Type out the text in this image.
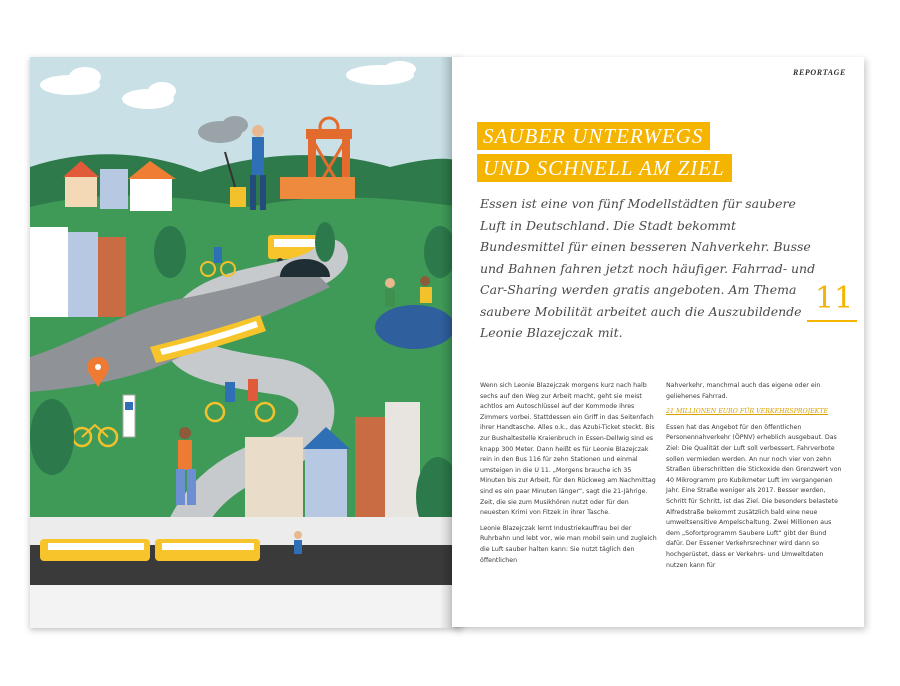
REPORTAGE
SAUBER UNTERWEGS
UND SCHNELL AM ZIEL
Essen ist eine von fünf Modellstädten für saubere Luft in Deutschland. Die Stadt bekommt Bundesmittel für einen besseren Nahverkehr. Busse und Bahnen fahren jetzt noch häufiger. Fahrrad- und Car-Sharing werden gratis angeboten. Am Thema saubere Mobilität arbeitet auch die Auszubildende Leonie Blazejczak mit.
11

Wenn sich Leonie Blazejczak morgens kurz nach halb sechs auf den Weg zur Arbeit macht, geht sie meist achtlos am Autoschlüssel auf der Kommode ihres Zimmers vorbei. Stattdessen ein Griff in das Seitenfach ihrer Handtasche. Alles o.k., das Azubi-Ticket steckt. Bis zur Bushaltestelle Kraienbruch in Essen-Dellwig sind es knapp 300 Meter. Dann heißt es für Leonie Blazejczak rein in den Bus 116 für zehn Stationen und einmal umsteigen in die U 11. „Morgens brauche ich 35 Minuten bis zur Arbeit, für den Rückweg am Nachmittag sind es ein paar Minuten länger“, sagt die 21-Jährige. Zeit, die sie zum Musikhören nutzt oder für den neuesten Krimi von Fitzek in ihrer Tasche.

Leonie Blazejczak lernt Industriekauffrau bei der Ruhrbahn und lebt vor, wie man mobil sein und zugleich die Luft sauber halten kann: Sie nutzt täglich den öffentlichen

Nahverkehr, manchmal auch das eigene oder ein geliehenes Fahrrad.

21 MILLIONEN EURO FÜR VERKEHRSPROJEKTE

Essen hat das Angebot für den öffentlichen Personennahverkehr (ÖPNV) erheblich ausgebaut. Das Ziel: Die Qualität der Luft soll verbessert, Fahrverbote sollen vermieden werden. An nur noch vier von zehn Straßen überschritten die Stickoxide den Grenzwert von 40 Mikrogramm pro Kubikmeter Luft im vergangenen Jahr. Eine Straße weniger als 2017. Besser werden, Schritt für Schritt, ist das Ziel. Die besonders belastete Alfredstraße bekommt zusätzlich bald eine neue umweltsensitive Ampelschaltung. Zwei Millionen aus dem „Sofortprogramm Saubere Luft“ gibt der Bund dafür. Der Essener Verkehrsrechner wird dann so hochgerüstet, dass er Verkehrs- und Umweltdaten nutzen kann für
